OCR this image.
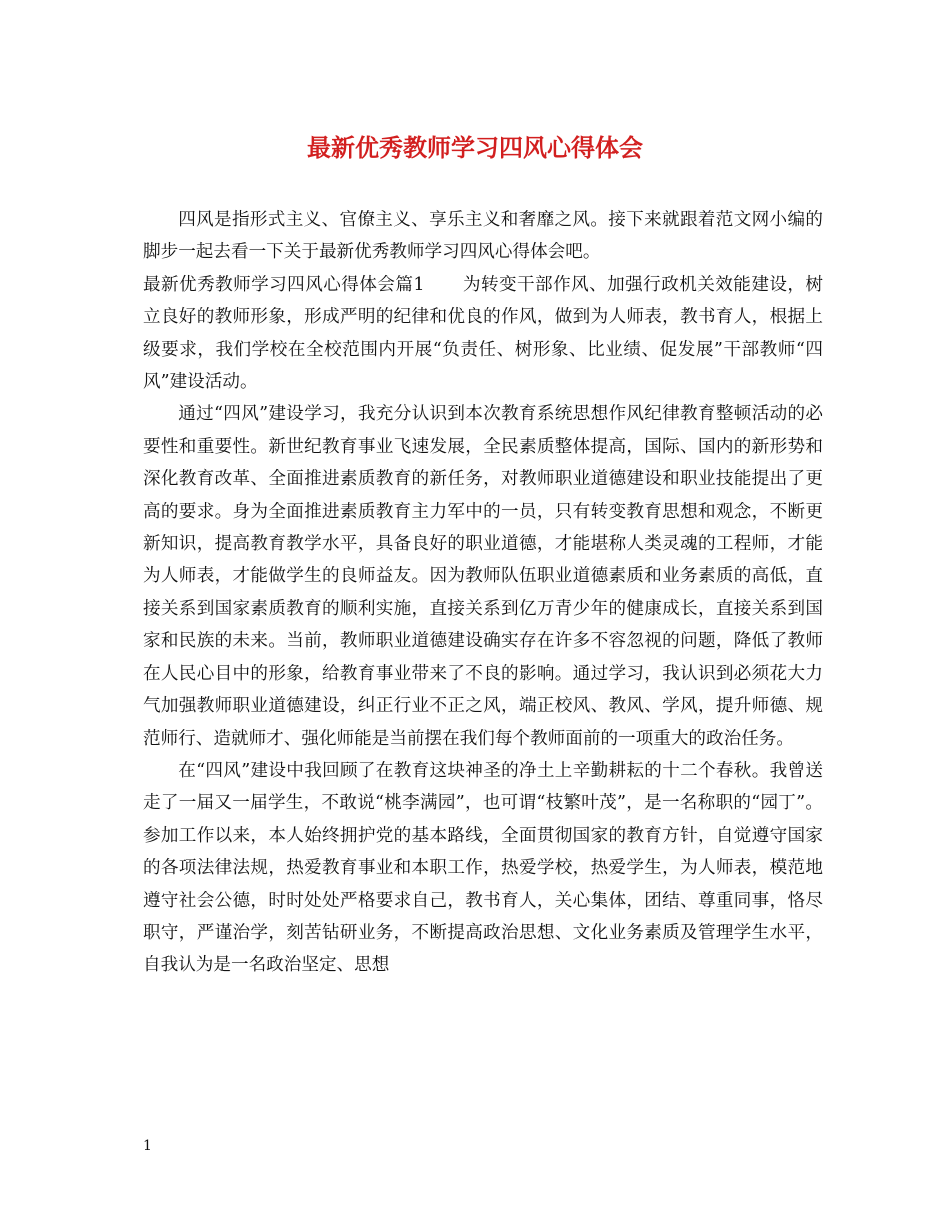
最新优秀教师学习四风心得体会

四风是指形式主义、官僚主义、享乐主义和奢靡之风。接下来就跟着范文网小编的脚步一起去看一下关于最新优秀教师学习四风心得体会吧。

最新优秀教师学习四风心得体会篇1 为转变干部作风、加强行政机关效能建设，树立良好的教师形象，形成严明的纪律和优良的作风，做到为人师表，教书育人，根据上级要求，我们学校在全校范围内开展“负责任、树形象、比业绩、促发展”干部教师“四风”建设活动。

通过“四风”建设学习，我充分认识到本次教育系统思想作风纪律教育整顿活动的必要性和重要性。新世纪教育事业飞速发展，全民素质整体提高，国际、国内的新形势和深化教育改革、全面推进素质教育的新任务，对教师职业道德建设和职业技能提出了更高的要求。身为全面推进素质教育主力军中的一员，只有转变教育思想和观念，不断更新知识，提高教育教学水平，具备良好的职业道德，才能堪称人类灵魂的工程师，才能为人师表，才能做学生的良师益友。因为教师队伍职业道德素质和业务素质的高低，直接关系到国家素质教育的顺利实施，直接关系到亿万青少年的健康成长，直接关系到国家和民族的未来。当前，教师职业道德建设确实存在许多不容忽视的问题，降低了教师在人民心目中的形象，给教育事业带来了不良的影响。通过学习，我认识到必须花大力气加强教师职业道德建设，纠正行业不正之风，端正校风、教风、学风，提升师德、规范师行、造就师才、强化师能是当前摆在我们每个教师面前的一项重大的政治任务。

在“四风”建设中我回顾了在教育这块神圣的净土上辛勤耕耘的十二个春秋。我曾送走了一届又一届学生，不敢说“桃李满园”，也可谓“枝繁叶茂”，是一名称职的“园丁”。参加工作以来，本人始终拥护党的基本路线，全面贯彻国家的教育方针，自觉遵守国家的各项法律法规，热爱教育事业和本职工作，热爱学校，热爱学生，为人师表，模范地遵守社会公德，时时处处严格要求自己，教书育人，关心集体，团结、尊重同事，恪尽职守，严谨治学，刻苦钻研业务，不断提高政治思想、文化业务素质及管理学生水平，自我认为是一名政治坚定、思想

1
